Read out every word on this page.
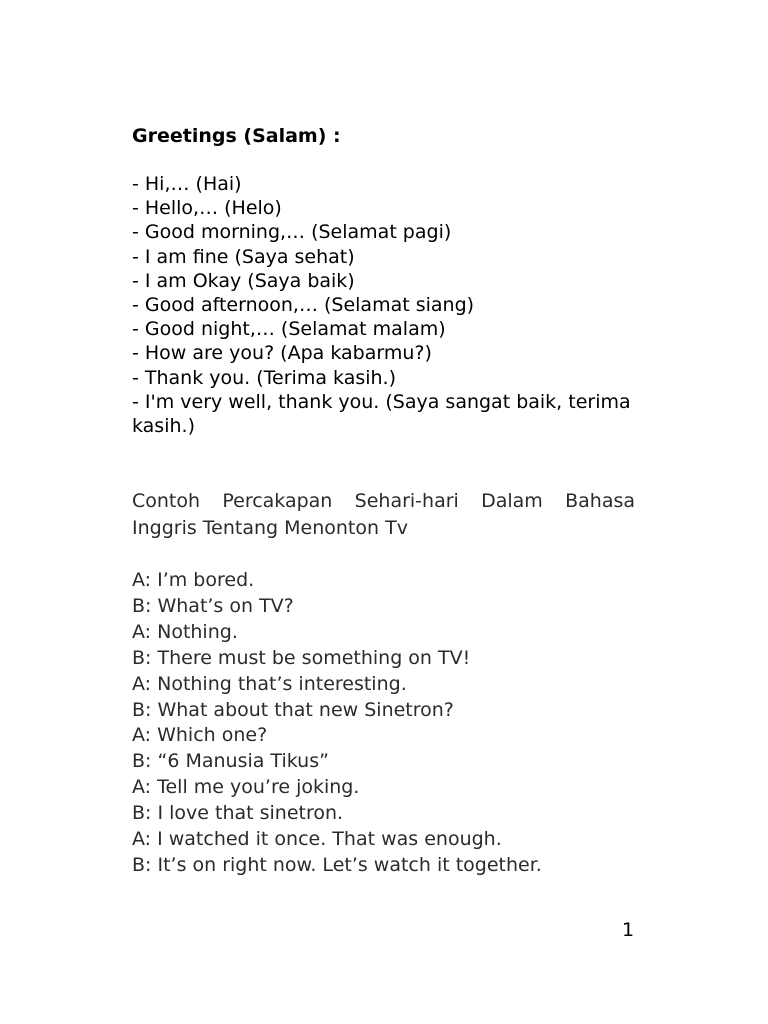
Greetings (Salam) :
- Hi,… (Hai)
- Hello,… (Helo)
- Good morning,… (Selamat pagi)
- I am fine (Saya sehat)
- I am Okay (Saya baik)
- Good afternoon,… (Selamat siang)
- Good night,… (Selamat malam)
- How are you? (Apa kabarmu?)
- Thank you. (Terima kasih.)
- I'm very well, thank you. (Saya sangat baik, terima kasih.)

Contoh Percakapan Sehari-hari Dalam Bahasa Inggris Tentang Menonton Tv

A: I’m bored.
B: What’s on TV?
A: Nothing.
B: There must be something on TV!
A: Nothing that’s interesting.
B: What about that new Sinetron?
A: Which one?
B: “6 Manusia Tikus”
A: Tell me you’re joking.
B: I love that sinetron.
A: I watched it once. That was enough.
B: It’s on right now. Let’s watch it together.
1
